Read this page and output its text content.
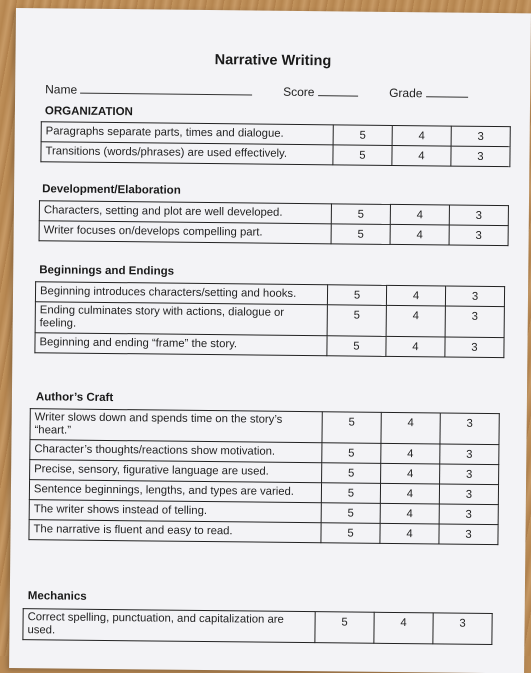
Narrative Writing
Name	Score	Grade
ORGANIZATION
Paragraphs separate parts, times and dialogue.	5	4	3
Transitions (words/phrases) are used effectively.	5	4	3
Development/Elaboration
Characters, setting and plot are well developed.	5	4	3
Writer focuses on/develops compelling part.	5	4	3
Beginnings and Endings
Beginning introduces characters/setting and hooks.	5	4	3
Ending culminates story with actions, dialogue or feeling.	5	4	3
Beginning and ending “frame” the story.	5	4	3
Author’s Craft
Writer slows down and spends time on the story’s “heart.”	5	4	3
Character’s thoughts/reactions show motivation.	5	4	3
Precise, sensory, figurative language are used.	5	4	3
Sentence beginnings, lengths, and types are varied.	5	4	3
The writer shows instead of telling.	5	4	3
The narrative is fluent and easy to read.	5	4	3
Mechanics
Correct spelling, punctuation, and capitalization are used.	5	4	3
